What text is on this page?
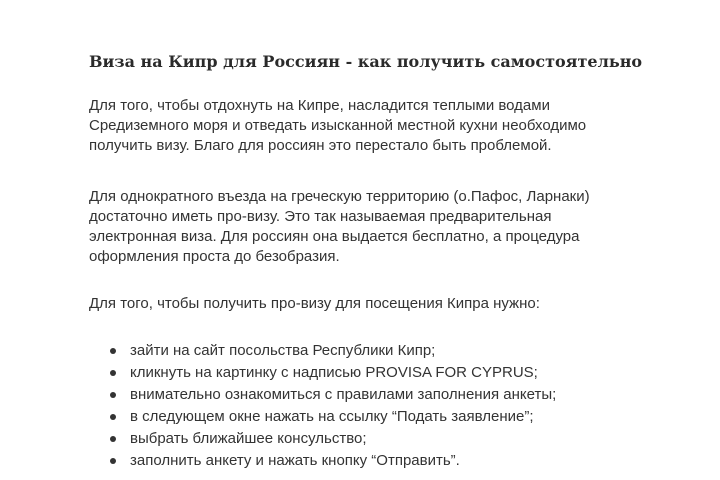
Виза на Кипр для Россиян - как получить самостоятельно

Для того, чтобы отдохнуть на Кипре, насладится теплыми водами
Средиземного моря и отведать изысканной местной кухни необходимо
получить визу. Благо для россиян это перестало быть проблемой.

Для однократного въезда на греческую территорию (о.Пафос, Ларнаки)
достаточно иметь про-визу. Это так называемая предварительная
электронная виза. Для россиян она выдается бесплатно, а процедура
оформления проста до безобразия.

Для того, чтобы получить про-визу для посещения Кипра нужно:

зайти на сайт посольства Республики Кипр;
кликнуть на картинку с надписью PROVISA FOR CYPRUS;
внимательно ознакомиться с правилами заполнения анкеты;
в следующем окне нажать на ссылку “Подать заявление”;
выбрать ближайшее консульство;
заполнить анкету и нажать кнопку “Отправить”.
